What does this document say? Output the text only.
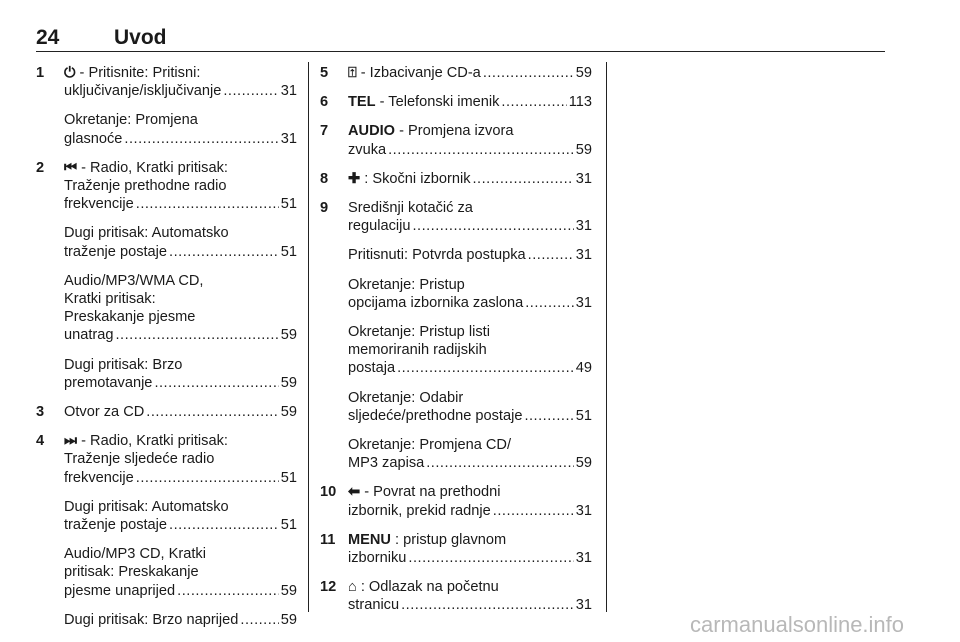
24	Uvod
1 ⏻ - Pritisnite: Pritisni:
uključivanje/isključivanje .....	31
Okretanje: Promjena
glasnoće .....	31
2 ⏮ - Radio, Kratki pritisak:
Traženje prethodne radio
frekvencije .....	51
Dugi pritisak: Automatsko
traženje postaje .....	51
Audio/MP3/WMA CD,
Kratki pritisak:
Preskakanje pjesme
unatrag .....	59
Dugi pritisak: Brzo
premotavanje .....	59
3 Otvor za CD .....	59
4 ⏭ - Radio, Kratki pritisak:
Traženje sljedeće radio
frekvencije .....	51
Dugi pritisak: Automatsko
traženje postaje .....	51
Audio/MP3 CD, Kratki
pritisak: Preskakanje
pjesme unaprijed .....	59
Dugi pritisak: Brzo naprijed .....	59
5 ⍐ - Izbacivanje CD-a .....	59
6 TEL - Telefonski imenik .....	113
7 AUDIO - Promjena izvora
zvuka .....	59
8 ✚ : Skočni izbornik .....	31
9 Središnji kotačić za
regulaciju .....	31
Pritisnuti: Potvrda postupka .....	31
Okretanje: Pristup
opcijama izbornika zaslona .....	31
Okretanje: Pristup listi
memoriranih radijskih
postaja .....	49
Okretanje: Odabir
sljedeće/prethodne postaje .....	51
Okretanje: Promjena CD/
MP3 zapisa .....	59
10 ⬅ - Povrat na prethodni
izbornik, prekid radnje .....	31
11 MENU : pristup glavnom
izborniku .....	31
12 ⌂ : Odlazak na početnu
stranicu .....	31
carmanualsonline.info
